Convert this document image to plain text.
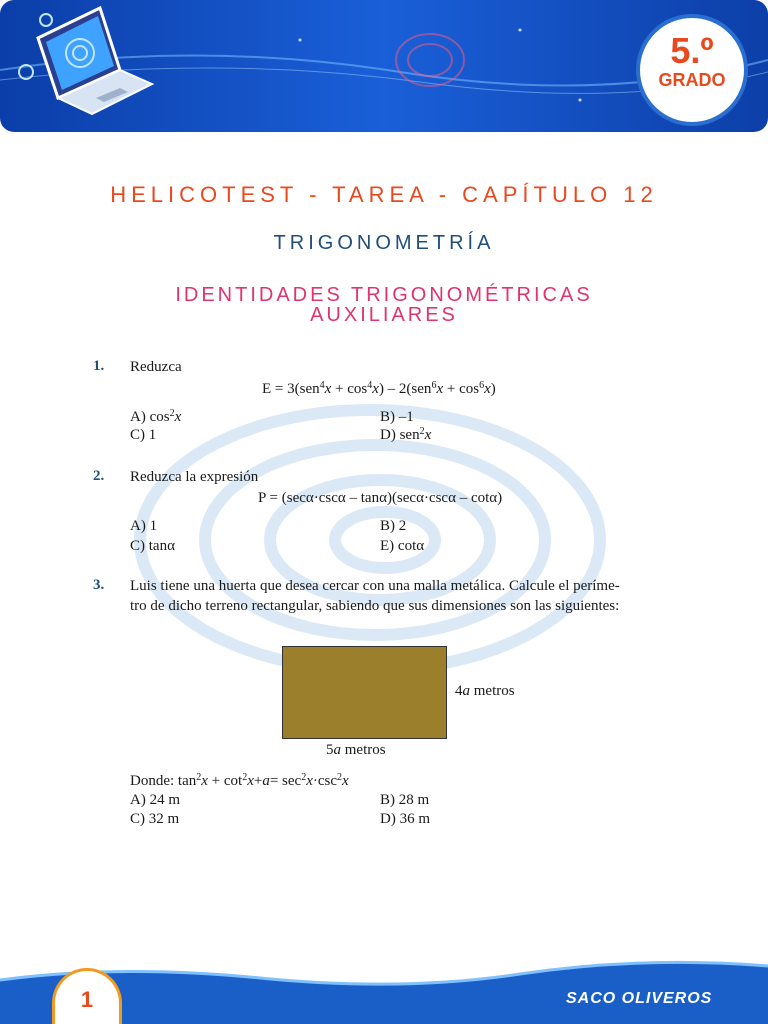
5.º
GRADO
HELICOTEST - TAREA - CAPÍTULO 12
TRIGONOMETRÍA
IDENTIDADES TRIGONOMÉTRICAS
AUXILIARES
1. Reduzca
$E = 3(sen^4x + \cos^4x) - 2(sen^6x + \cos^6x)$
A) $\cos^2x$	B) –1
C) 1	D) sen$^2$x
2. Reduzca la expresión
P = (secα·cscα – tanα)(secα·cscα – cotα)
A) 1	B) 2
C) tanα	E) cotα
3. Luis tiene una huerta que desea cercar con una malla metálica. Calcule el períme-
tro de dicho terreno rectangular, sabiendo que sus dimensiones son las siguientes:
4a metros
5a metros
Donde: $\tan^2x + \cot^2x+a= \sec^2x\cdot\csc^2x$
A) 24 m	B) 28 m
C) 32 m	D) 36 m
1	SACO OLIVEROS
